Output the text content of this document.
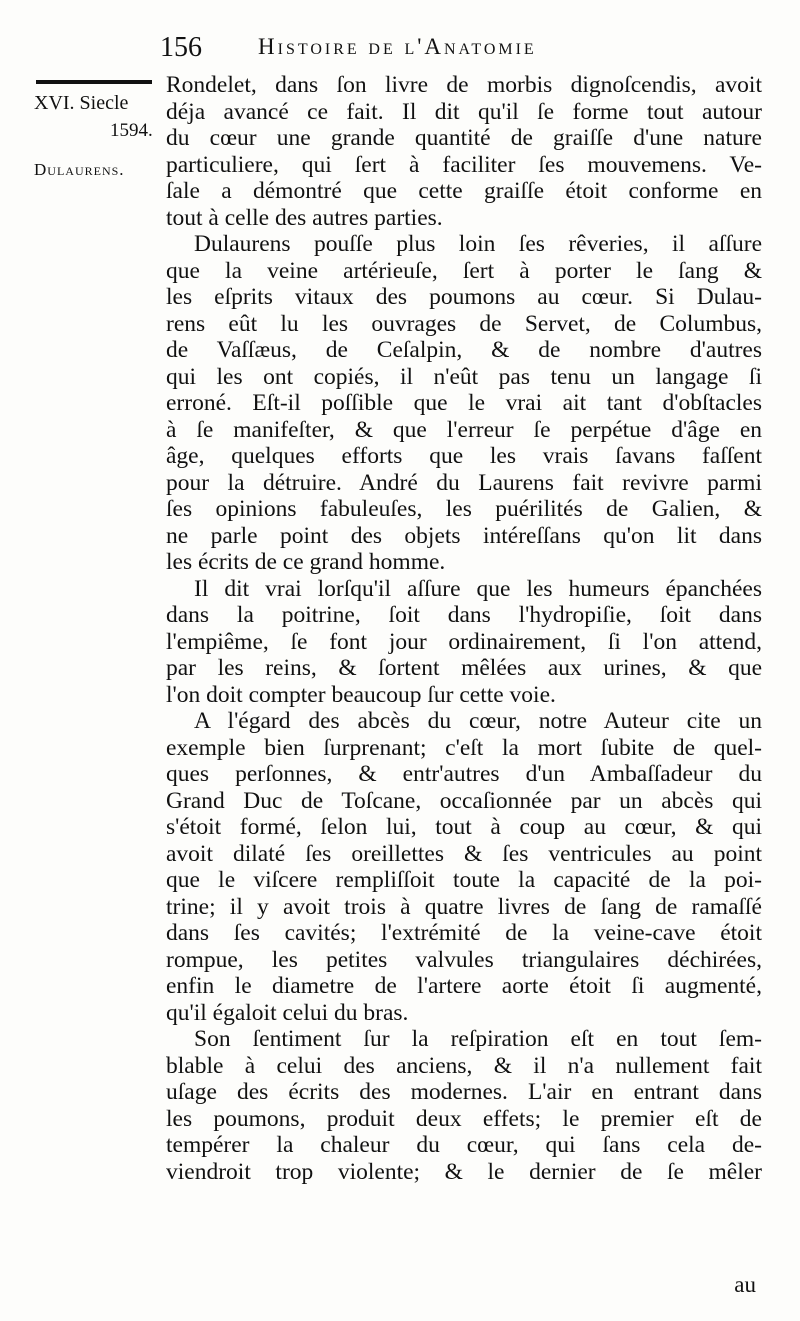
156 Histoire de l'Anatomie
XVI. Siecle
1594.
Dulaurens.
Rondelet, dans ſon livre de morbis dignoſcendis, avoit
déja avancé ce fait. Il dit qu'il ſe forme tout autour
du cœur une grande quantité de graiſſe d'une nature
particuliere, qui ſert à faciliter ſes mouvemens. Ve-
ſale a démontré que cette graiſſe étoit conforme en
tout à celle des autres parties.
Dulaurens pouſſe plus loin ſes rêveries, il aſſure
que la veine artérieuſe, ſert à porter le ſang &
les eſprits vitaux des poumons au cœur. Si Dulau-
rens eût lu les ouvrages de Servet, de Columbus,
de Vaſſæus, de Ceſalpin, & de nombre d'autres
qui les ont copiés, il n'eût pas tenu un langage ſi
erroné. Eſt-il poſſible que le vrai ait tant d'obſtacles
à ſe manifeſter, & que l'erreur ſe perpétue d'âge en
âge, quelques efforts que les vrais ſavans faſſent
pour la détruire. André du Laurens fait revivre parmi
ſes opinions fabuleuſes, les puérilités de Galien, &
ne parle point des objets intéreſſans qu'on lit dans
les écrits de ce grand homme.
Il dit vrai lorſqu'il aſſure que les humeurs épanchées
dans la poitrine, ſoit dans l'hydropiſie, ſoit dans
l'empiême, ſe font jour ordinairement, ſi l'on attend,
par les reins, & ſortent mêlées aux urines, & que
l'on doit compter beaucoup ſur cette voie.
A l'égard des abcès du cœur, notre Auteur cite un
exemple bien ſurprenant; c'eſt la mort ſubite de quel-
ques perſonnes, & entr'autres d'un Ambaſſadeur du
Grand Duc de Toſcane, occaſionnée par un abcès qui
s'étoit formé, ſelon lui, tout à coup au cœur, & qui
avoit dilaté ſes oreillettes & ſes ventricules au point
que le viſcere rempliſſoit toute la capacité de la poi-
trine; il y avoit trois à quatre livres de ſang de ramaſſé
dans ſes cavités; l'extrémité de la veine-cave étoit
rompue, les petites valvules triangulaires déchirées,
enfin le diametre de l'artere aorte étoit ſi augmenté,
qu'il égaloit celui du bras.
Son ſentiment ſur la reſpiration eſt en tout ſem-
blable à celui des anciens, & il n'a nullement fait
uſage des écrits des modernes. L'air en entrant dans
les poumons, produit deux effets; le premier eſt de
tempérer la chaleur du cœur, qui ſans cela de-
viendroit trop violente; & le dernier de ſe mêler
au
